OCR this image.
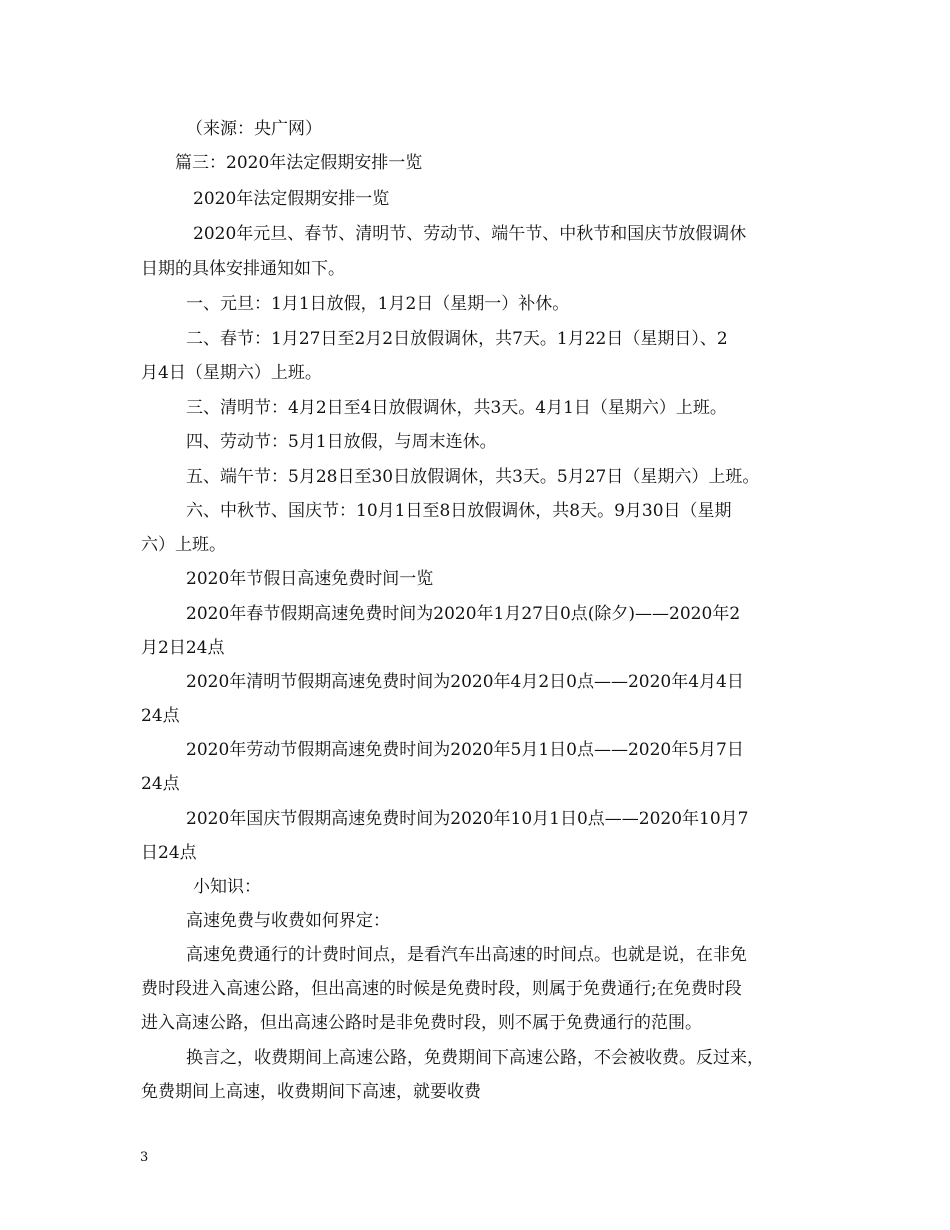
（来源：央广网）
篇三：2020年法定假期安排一览
2020年法定假期安排一览
2020年元旦、春节、清明节、劳动节、端午节、中秋节和国庆节放假调休
日期的具体安排通知如下。
一、元旦：1月1日放假，1月2日（星期一）补休。
二、春节：1月27日至2月2日放假调休，共7天。1月22日（星期日）、2
月4日（星期六）上班。
三、清明节：4月2日至4日放假调休，共3天。4月1日（星期六）上班。
四、劳动节：5月1日放假，与周末连休。
五、端午节：5月28日至30日放假调休，共3天。5月27日（星期六）上班。
六、中秋节、国庆节：10月1日至8日放假调休，共8天。9月30日（星期
六）上班。
2020年节假日高速免费时间一览
2020年春节假期高速免费时间为2020年1月27日0点(除夕)——2020年2
月2日24点
2020年清明节假期高速免费时间为2020年4月2日0点——2020年4月4日
24点
2020年劳动节假期高速免费时间为2020年5月1日0点——2020年5月7日
24点
2020年国庆节假期高速免费时间为2020年10月1日0点——2020年10月7
日24点
小知识：
高速免费与收费如何界定：
高速免费通行的计费时间点，是看汽车出高速的时间点。也就是说，在非免
费时段进入高速公路，但出高速的时候是免费时段，则属于免费通行;在免费时段
进入高速公路，但出高速公路时是非免费时段，则不属于免费通行的范围。
换言之，收费期间上高速公路，免费期间下高速公路，不会被收费。反过来，
免费期间上高速，收费期间下高速，就要收费
3
